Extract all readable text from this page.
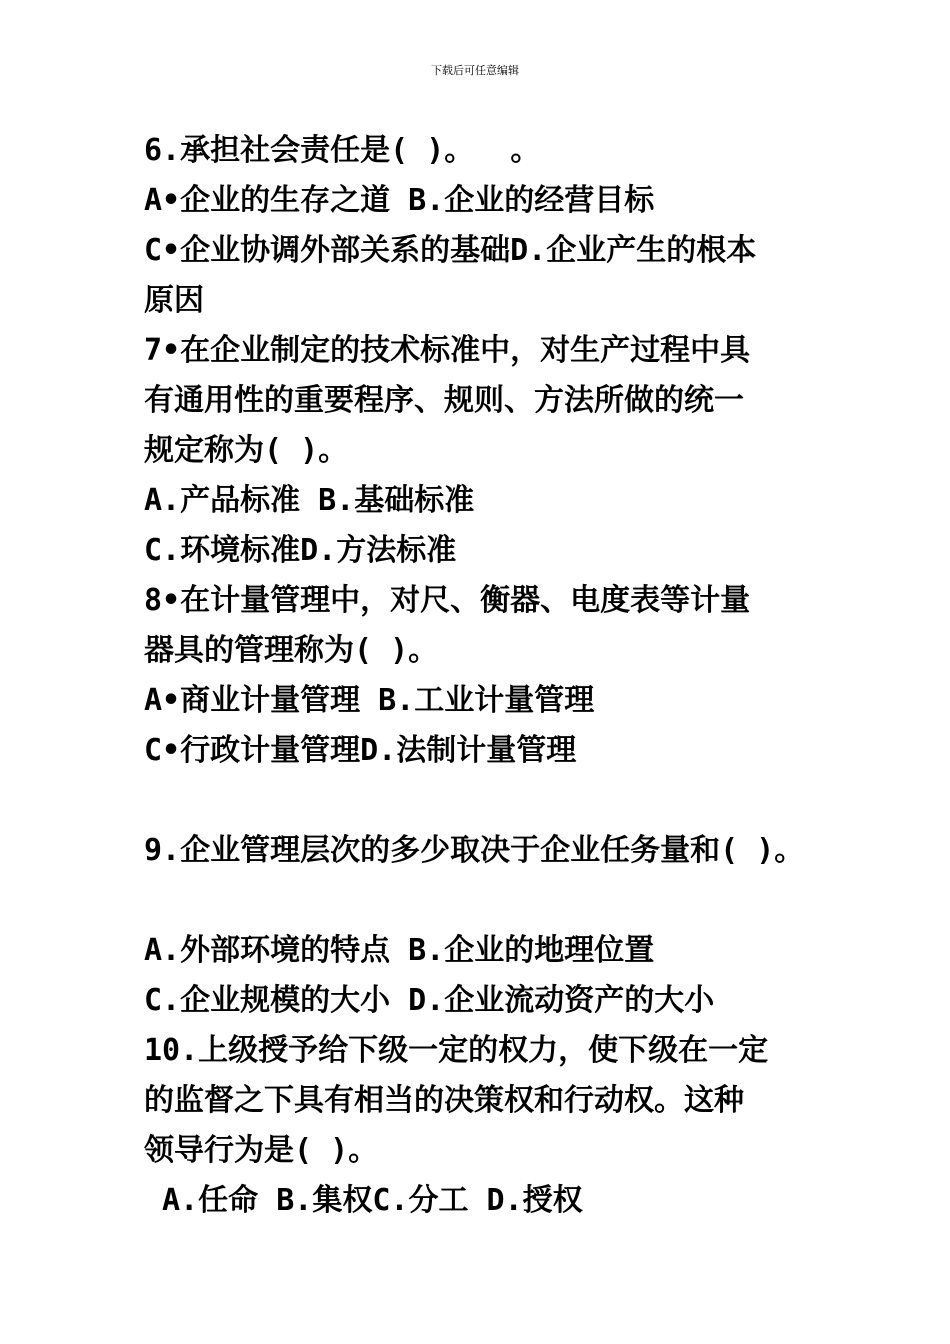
下载后可任意编辑
6.承担社会责任是( )。  。
A•企业的生存之道 B.企业的经营目标
C•企业协调外部关系的基础D.企业产生的根本
原因
7•在企业制定的技术标准中，对生产过程中具
有通用性的重要程序、规则、方法所做的统一
规定称为( )。
A.产品标准 B.基础标准
C.环境标准D.方法标准
8•在计量管理中，对尺、衡器、电度表等计量
器具的管理称为( )。
A•商业计量管理 B.工业计量管理
C•行政计量管理D.法制计量管理
9.企业管理层次的多少取决于企业任务量和( )。
A.外部环境的特点 B.企业的地理位置
C.企业规模的大小 D.企业流动资产的大小
10.上级授予给下级一定的权力，使下级在一定
的监督之下具有相当的决策权和行动权。这种
领导行为是( )。
A.任命 B.集权C.分工 D.授权
